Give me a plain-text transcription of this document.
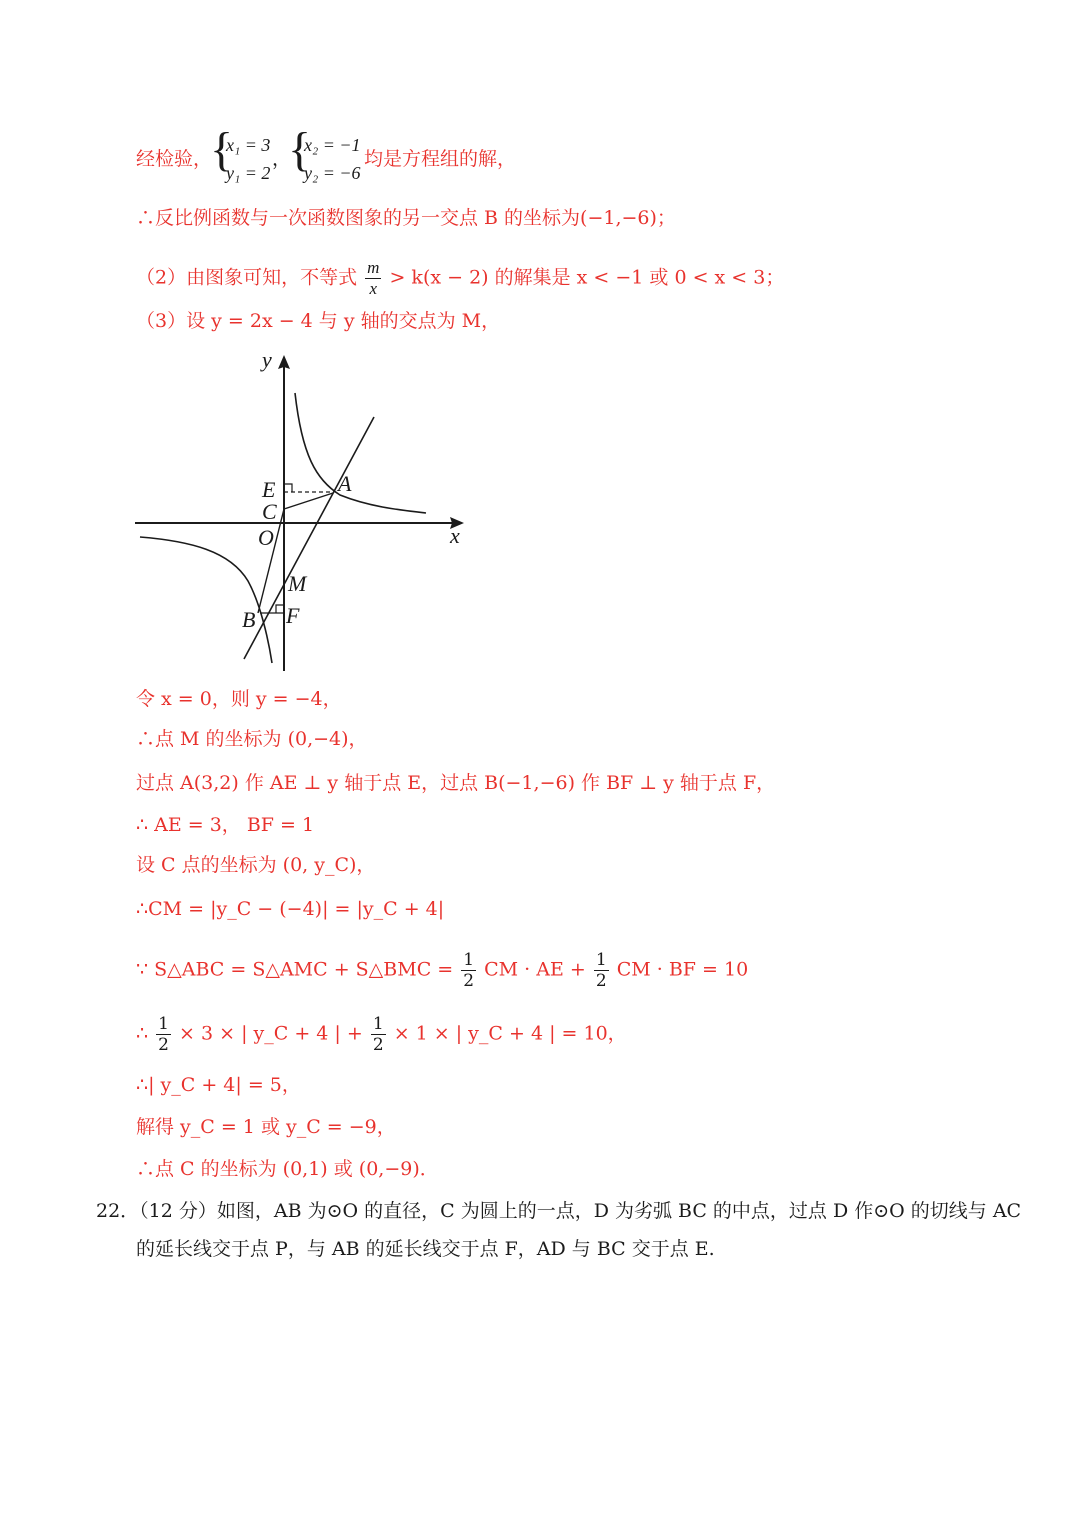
经检验，
{
x₁ = 3
y₁ = 2
，
{
x₂ = −1
y₂ = −6
均是方程组的解，

∴反比例函数与一次函数图象的另一交点 B 的坐标为(−1,−6)；

（2）由图象可知，不等式 $\frac{m}{x} > k(x - 2)$ 的解集是 x < −1 或 0 < x < 3；

（3）设 y = 2x − 4 与 y 轴的交点为 M，

y
x
O
A
B
C
E
M
F

令 x = 0，则 y = −4，

∴点 M 的坐标为 (0,−4)，

过点 A(3,2) 作 AE ⊥ y 轴于点 E，过点 B(−1,−6) 作 BF ⊥ y 轴于点 F，

∴ AE = 3， BF = 1

设 C 点的坐标为 (0, y_C)，

∴CM = |y_C − (−4)| = |y_C + 4|

∵ S△ABC = S△AMC + S△BMC = $\frac{1}{2}$ CM · AE + $\frac{1}{2}$ CM · BF = 10
∴ $\frac{1}{2} \times 3$ × | y_C + 4 | + $\frac{1}{2} \times 1$ × | y_C + 4 | = 10，

∴| y_C + 4| = 5，

解得 y_C = 1 或 y_C = −9，

∴点 C 的坐标为 (0,1) 或 (0,−9)．

22．（12 分）如图，AB 为⊙O 的直径，C 为圆上的一点，D 为劣弧 BC 的中点，过点 D 作⊙O 的切线与 AC

的延长线交于点 P，与 AB 的延长线交于点 F，AD 与 BC 交于点 E.
